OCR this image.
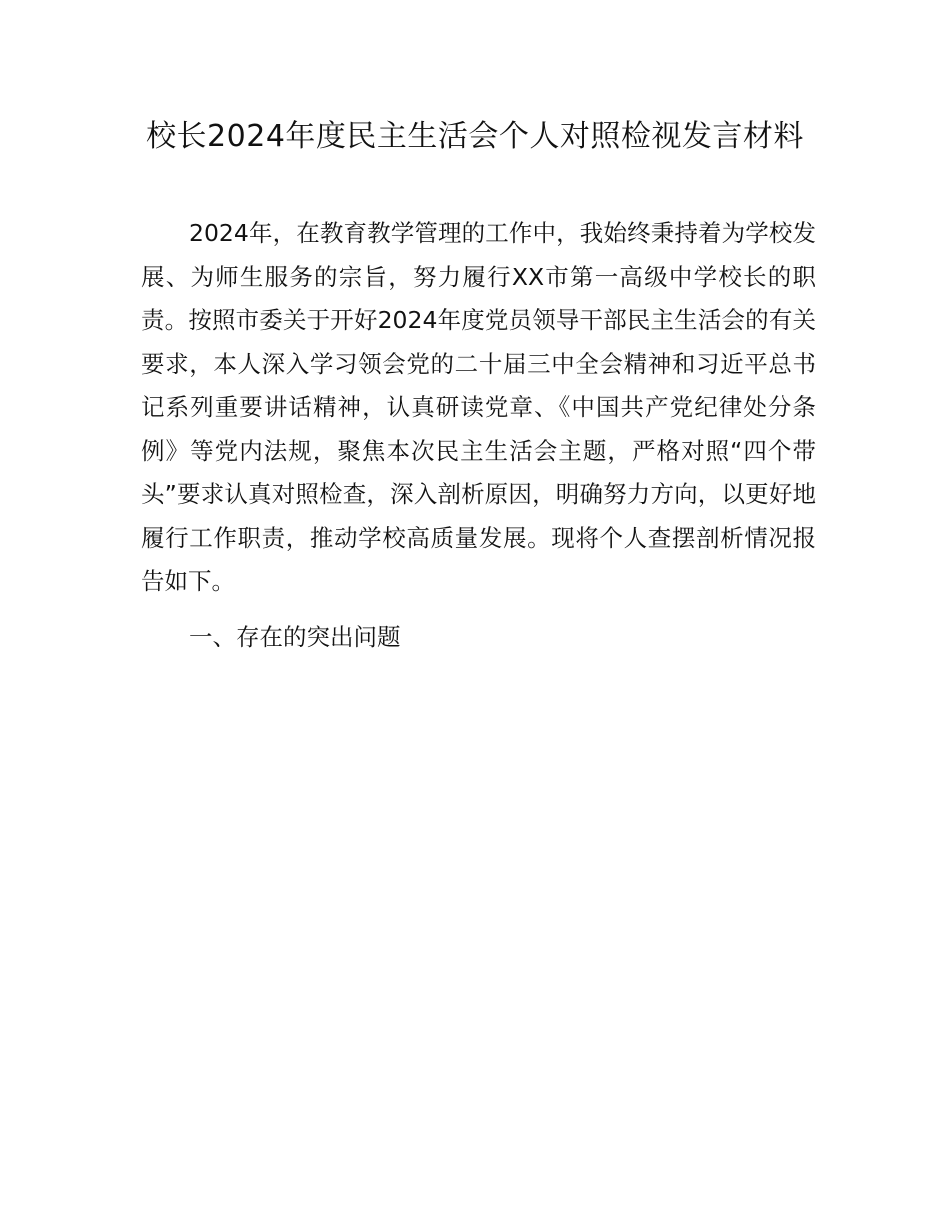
校长2024年度民主生活会个人对照检视发言材料

2024年，在教育教学管理的工作中，我始终秉持着为学校发展、为师生服务的宗旨，努力履行XX市第一高级中学校长的职责。按照市委关于开好2024年度党员领导干部民主生活会的有关要求，本人深入学习领会党的二十届三中全会精神和习近平总书记系列重要讲话精神，认真研读党章、《中国共产党纪律处分条例》等党内法规，聚焦本次民主生活会主题，严格对照“四个带头”要求认真对照检查，深入剖析原因，明确努力方向，以更好地履行工作职责，推动学校高质量发展。现将个人查摆剖析情况报告如下。

一、存在的突出问题
